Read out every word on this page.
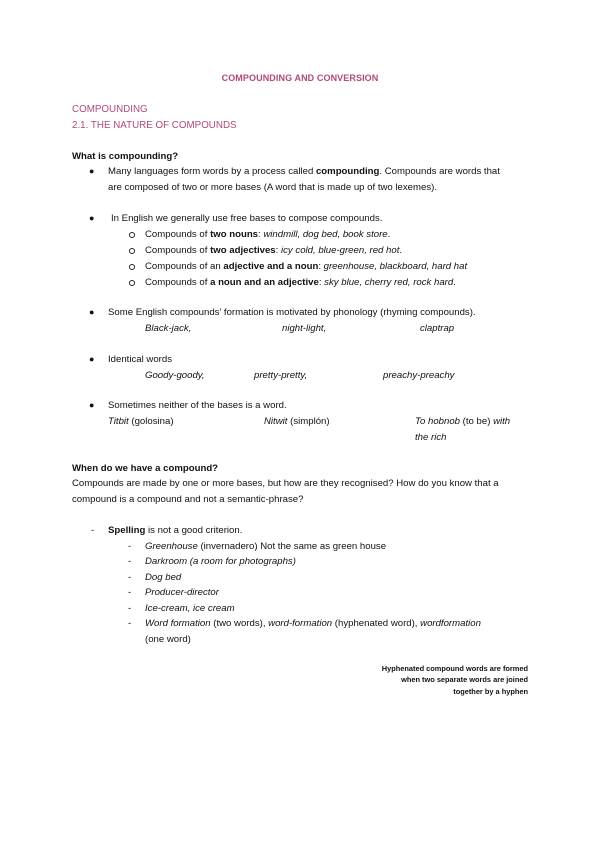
COMPOUNDING AND CONVERSION
COMPOUNDING
2.1. THE NATURE OF COMPOUNDS
What is compounding?
● Many languages form words by a process called compounding. Compounds are words that
are composed of two or more bases (A word that is made up of two lexemes).
● In English we generally use free bases to compose compounds.
Compounds of two nouns: windmill, dog bed, book store.
Compounds of two adjectives: icy cold, blue-green, red hot.
Compounds of an adjective and a noun: greenhouse, blackboard, hard hat
Compounds of a noun and an adjective: sky blue, cherry red, rock hard.
● Some English compounds’ formation is motivated by phonology (rhyming compounds).
Black-jack,	night-light,	claptrap
● Identical words
Goody-goody,	pretty-pretty,	preachy-preachy
● Sometimes neither of the bases is a word.
Titbit (golosina)	Nitwit (simplón)	To hobnob (to be) with
the rich
When do we have a compound?
Compounds are made by one or more bases, but how are they recognised? How do you know that a
compound is a compound and not a semantic-phrase?
- Spelling is not a good criterion.
- Greenhouse (invernadero) Not the same as green house
- Darkroom (a room for photographs)
- Dog bed
- Producer-director
- Ice-cream, ice cream
- Word formation (two words), word-formation (hyphenated word), wordformation
(one word)
Hyphenated compound words are formed
when two separate words are joined
together by a hyphen
